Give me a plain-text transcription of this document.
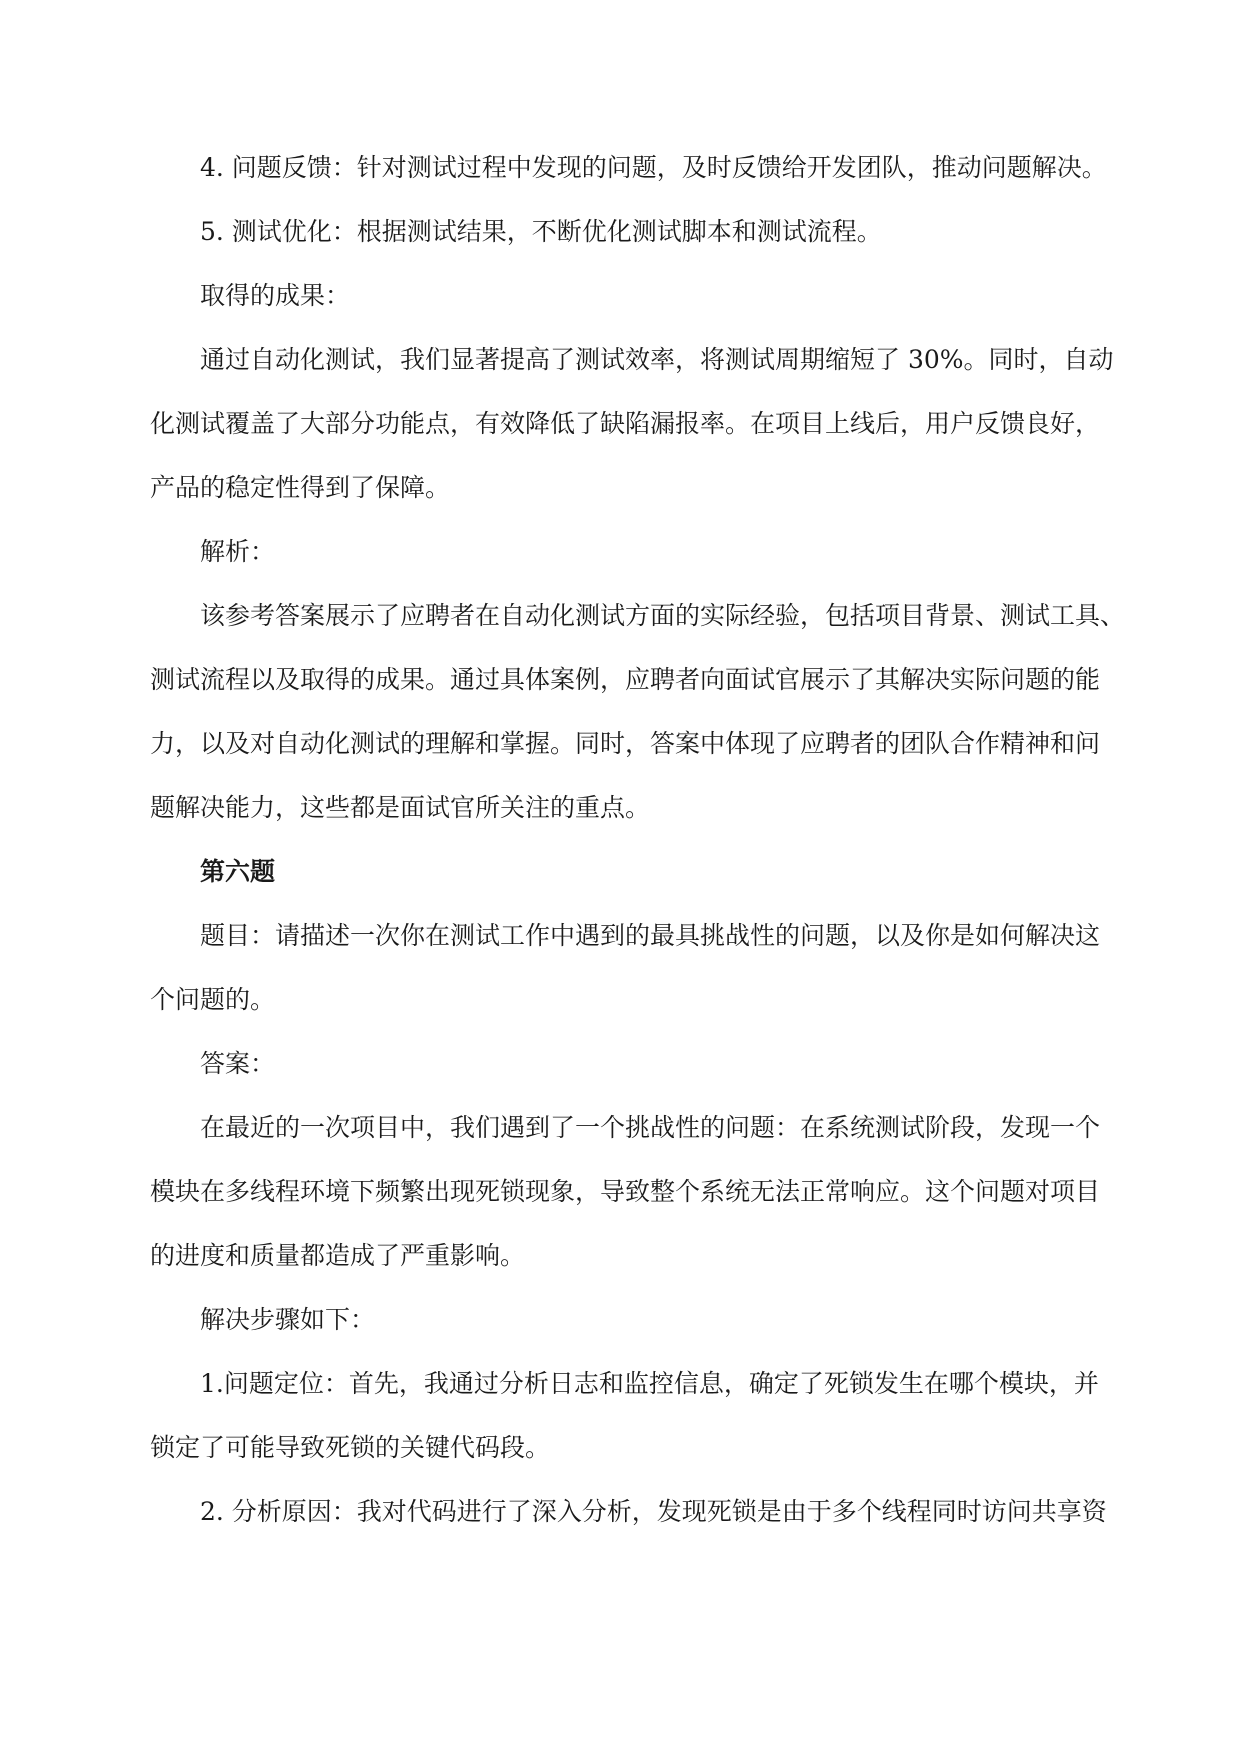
4. 问题反馈：针对测试过程中发现的问题，及时反馈给开发团队，推动问题解决。
5. 测试优化：根据测试结果，不断优化测试脚本和测试流程。
取得的成果：
通过自动化测试，我们显著提高了测试效率，将测试周期缩短了 30%。同时，自动
化测试覆盖了大部分功能点，有效降低了缺陷漏报率。在项目上线后，用户反馈良好，
产品的稳定性得到了保障。
解析：
该参考答案展示了应聘者在自动化测试方面的实际经验，包括项目背景、测试工具、
测试流程以及取得的成果。通过具体案例，应聘者向面试官展示了其解决实际问题的能
力，以及对自动化测试的理解和掌握。同时，答案中体现了应聘者的团队合作精神和问
题解决能力，这些都是面试官所关注的重点。
第六题
题目：请描述一次你在测试工作中遇到的最具挑战性的问题，以及你是如何解决这
个问题的。
答案：
在最近的一次项目中，我们遇到了一个挑战性的问题：在系统测试阶段，发现一个
模块在多线程环境下频繁出现死锁现象，导致整个系统无法正常响应。这个问题对项目
的进度和质量都造成了严重影响。
解决步骤如下：
1.问题定位：首先，我通过分析日志和监控信息，确定了死锁发生在哪个模块，并
锁定了可能导致死锁的关键代码段。
2. 分析原因：我对代码进行了深入分析，发现死锁是由于多个线程同时访问共享资
